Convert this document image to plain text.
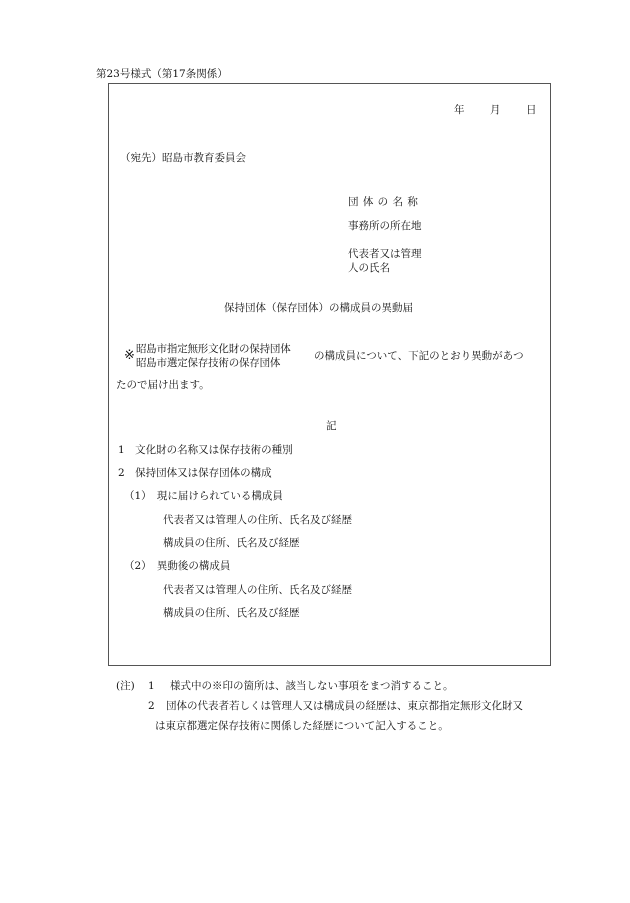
第23号様式（第17条関係）
年 月 日
（宛先）昭島市教育委員会
団 体 の 名 称
事務所の所在地
代表者又は管理
人の氏名
保持団体（保存団体）の構成員の異動届
※ 昭島市指定無形文化財の保持団体
昭島市選定保存技術の保存団体
の構成員について、下記のとおり異動があつ
たので届け出ます。
記
1　文化財の名称又は保存技術の種別
2　保持団体又は保存団体の構成
（1）　現に届けられている構成員
代表者又は管理人の住所、氏名及び経歴
構成員の住所、氏名及び経歴
（2）　異動後の構成員
代表者又は管理人の住所、氏名及び経歴
構成員の住所、氏名及び経歴
(注) 1 様式中の※印の箇所は、該当しない事項をまつ消すること。
2 団体の代表者若しくは管理人又は構成員の経歴は、東京都指定無形文化財又
は東京都選定保存技術に関係した経歴について記入すること。
